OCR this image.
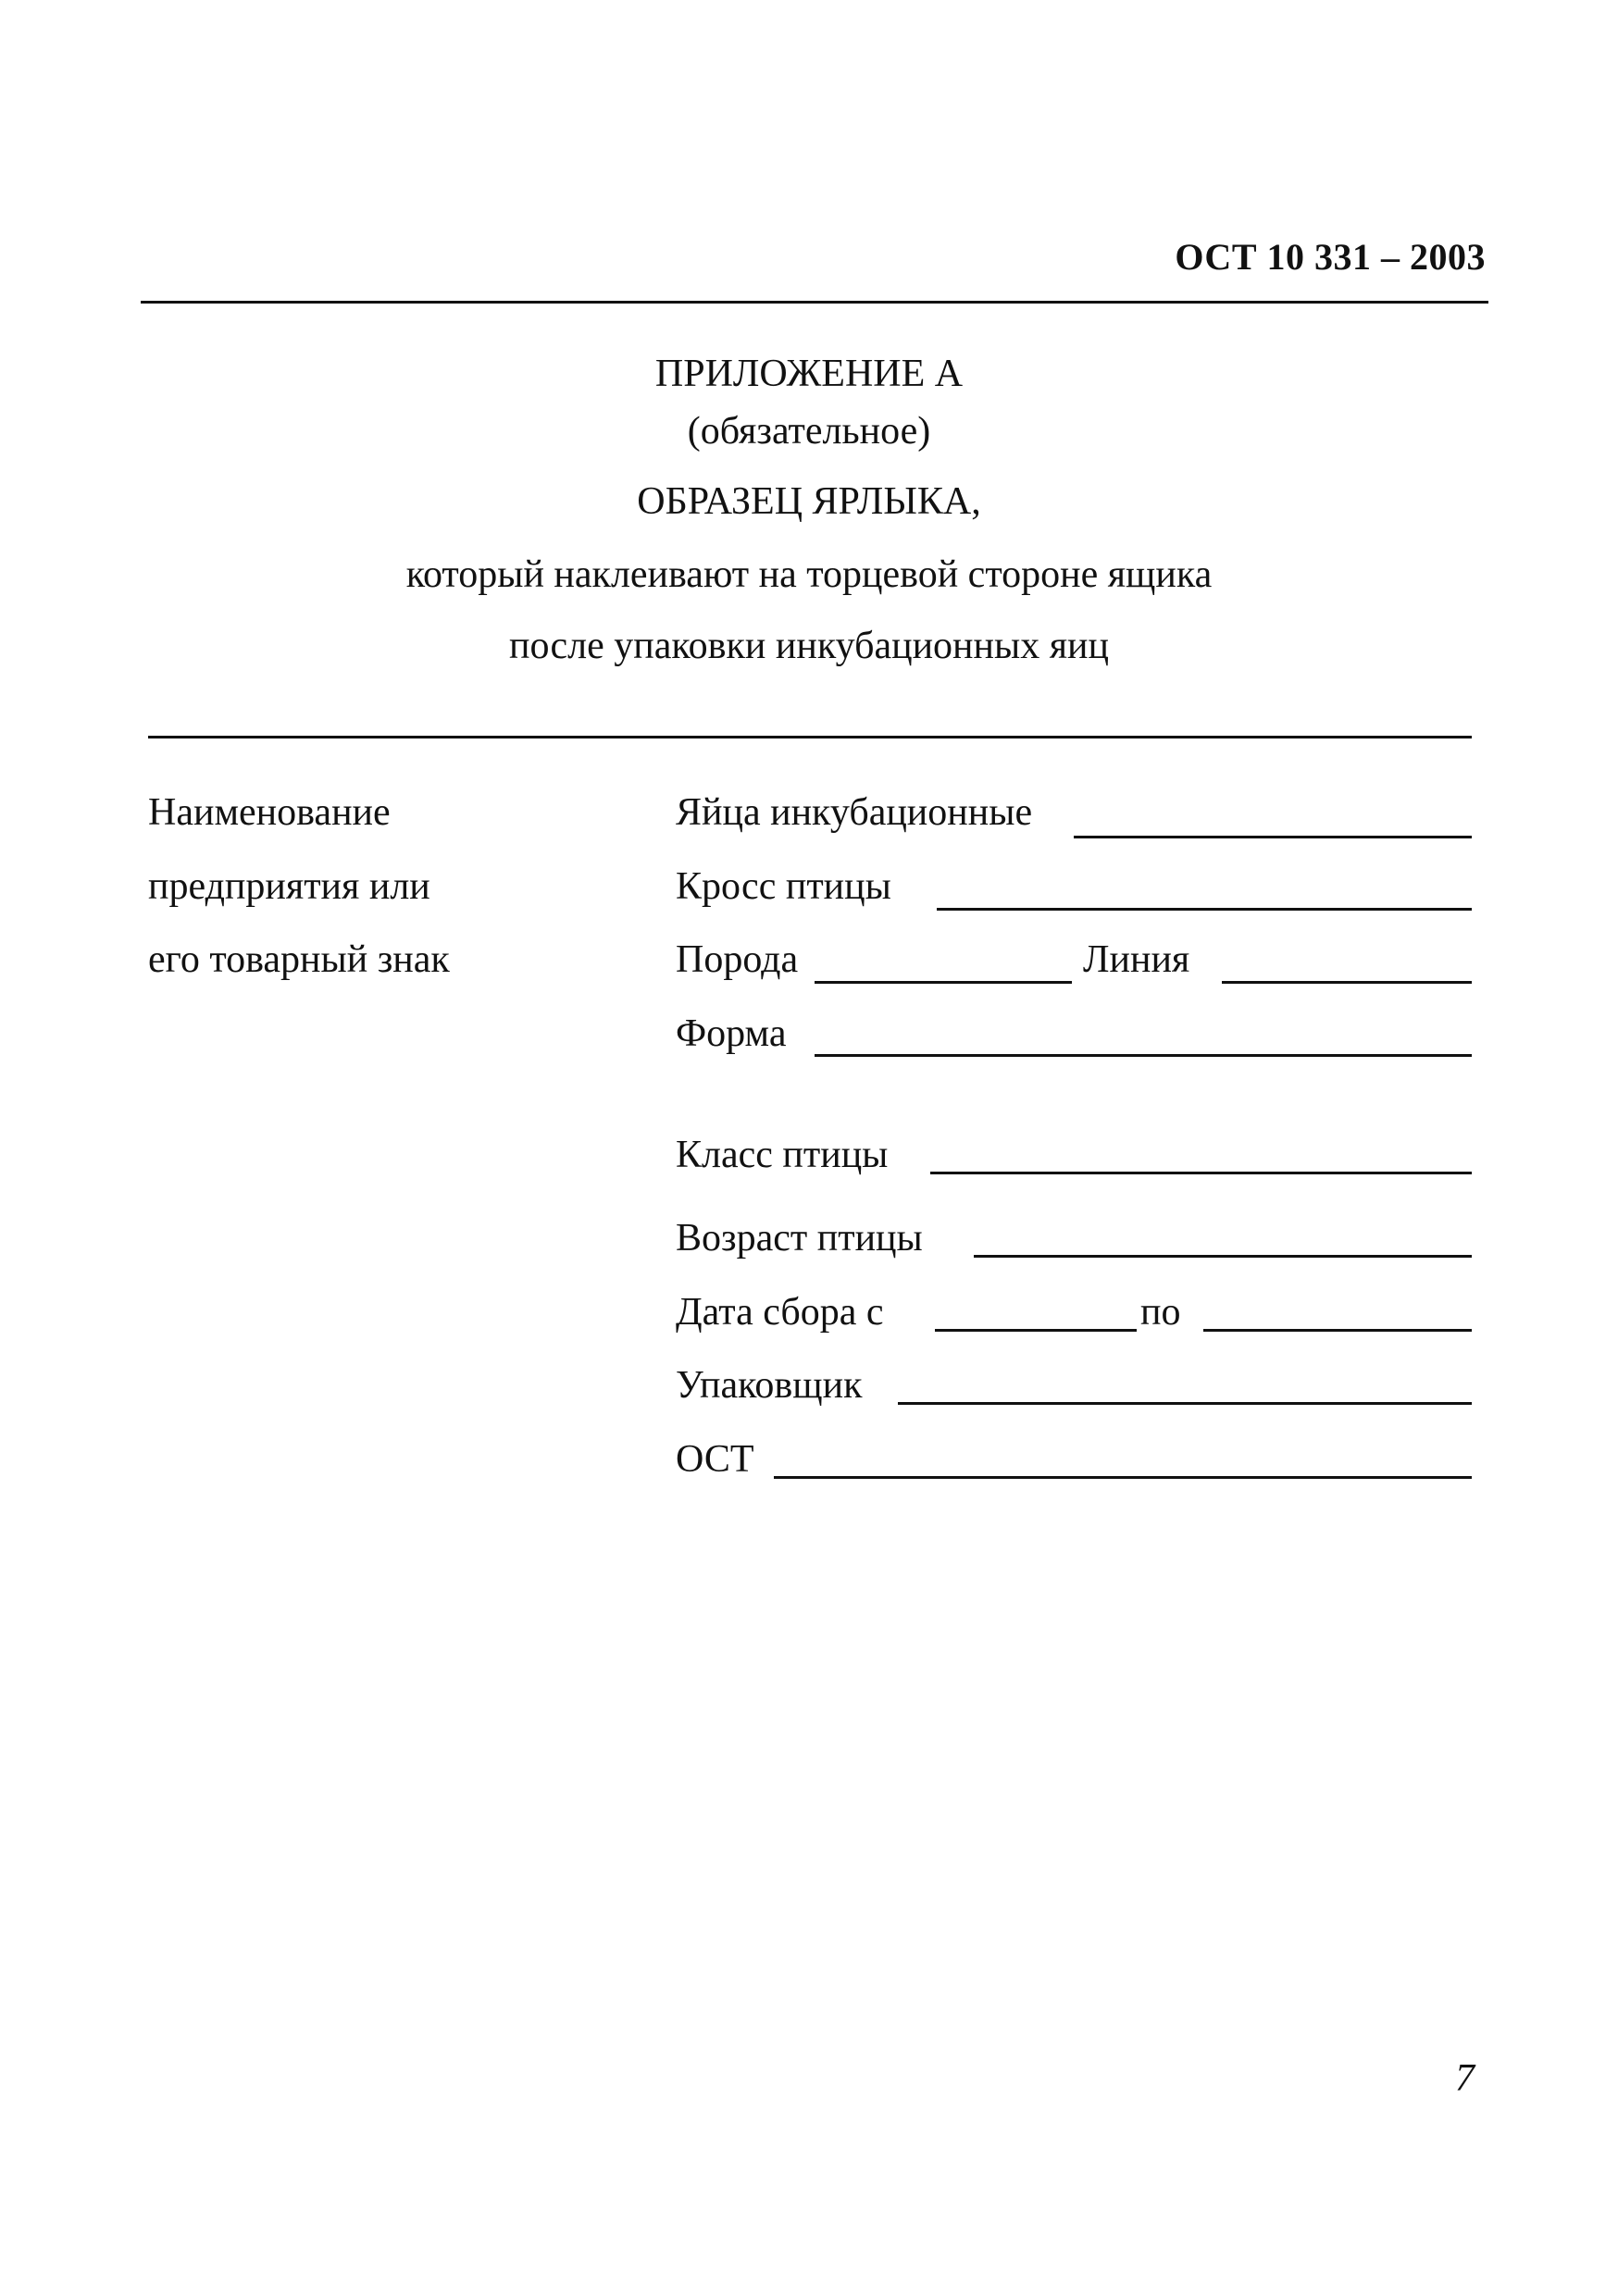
ОСТ 10 331 – 2003
ПРИЛОЖЕНИЕ А
(обязательное)
ОБРАЗЕЦ ЯРЛЫКА,
который наклеивают на торцевой стороне ящика
после упаковки инкубационных яиц
Наименование
предприятия или
его товарный знак
Яйца инкубационные
Кросс птицы
Порода	Линия
Форма
Класс птицы
Возраст птицы
Дата сбора с	по
Упаковщик
ОСТ
7
